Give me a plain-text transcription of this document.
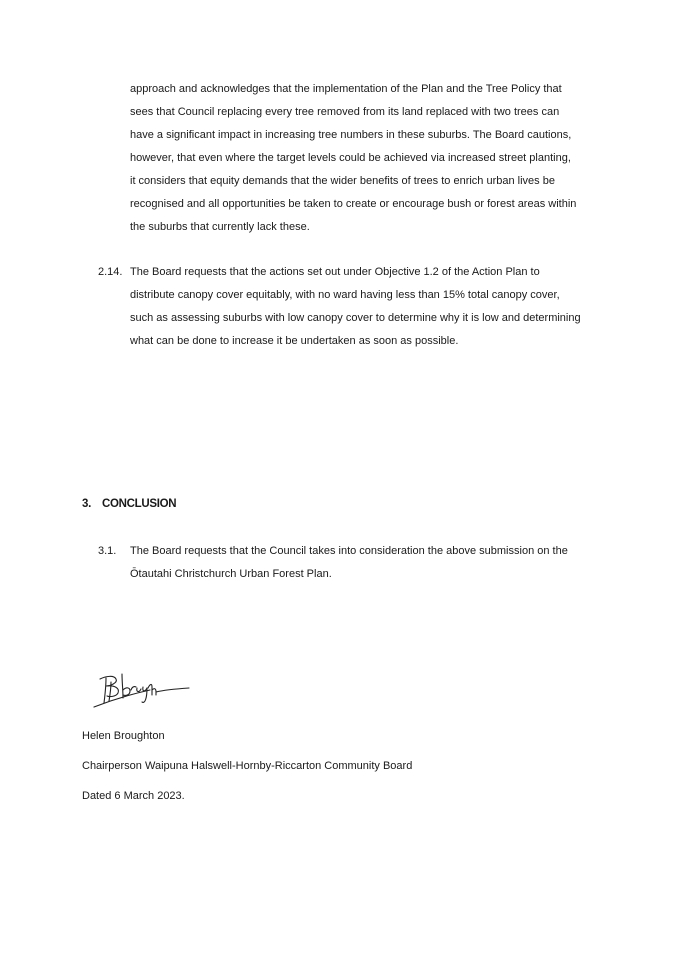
approach and acknowledges that the implementation of the Plan and the Tree Policy that
sees that Council replacing every tree removed from its land replaced with two trees can
have a significant impact in increasing tree numbers in these suburbs. The Board cautions,
however, that even where the target levels could be achieved via increased street planting,
it considers that equity demands that the wider benefits of trees to enrich urban lives be
recognised and all opportunities be taken to create or encourage bush or forest areas within
the suburbs that currently lack these.

2.14. The Board requests that the actions set out under Objective 1.2 of the Action Plan to
distribute canopy cover equitably, with no ward having less than 15% total canopy cover,
such as assessing suburbs with low canopy cover to determine why it is low and determining
what can be done to increase it be undertaken as soon as possible.

3. CONCLUSION

3.1. The Board requests that the Council takes into consideration the above submission on the
Ōtautahi Christchurch Urban Forest Plan.

Helen Broughton

Chairperson Waipuna Halswell-Hornby-Riccarton Community Board

Dated 6 March 2023.
